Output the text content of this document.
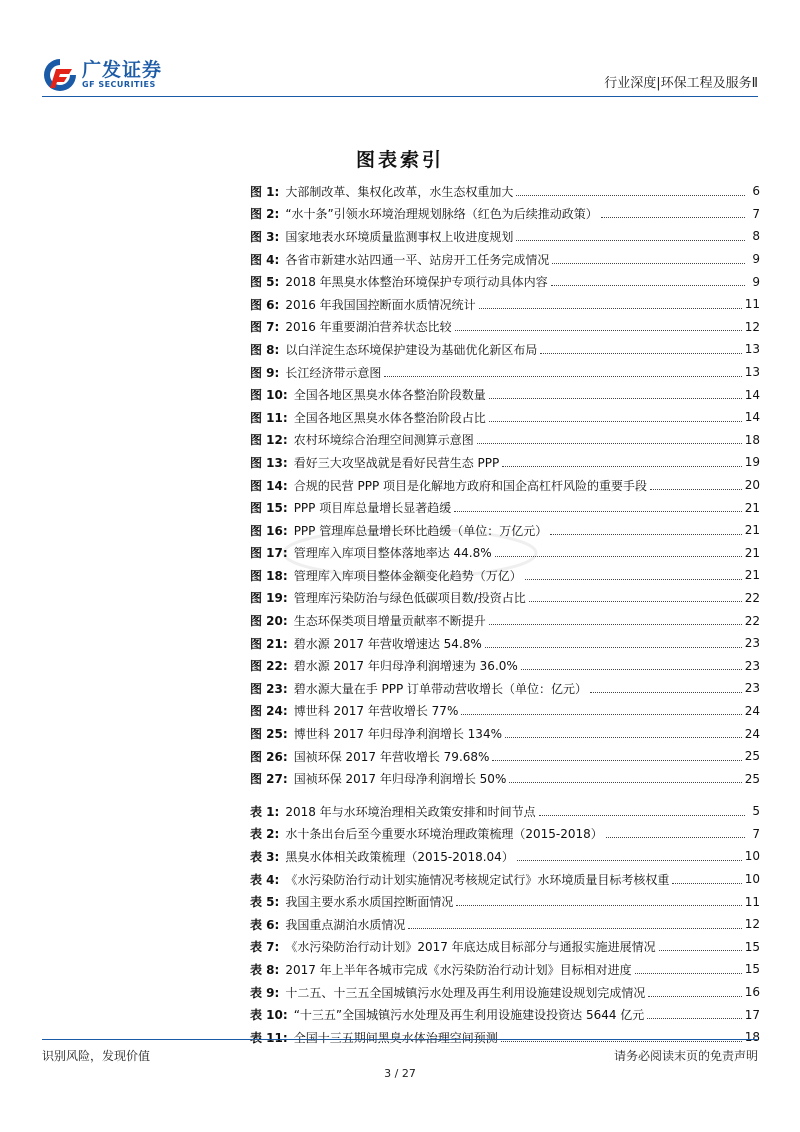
广发证券
GF SECURITIES	行业深度|环保工程及服务Ⅱ
图表索引
图 1: 大部制改革、集权化改革，水生态权重加大	6
图 2: “水十条”引领水环境治理规划脉络（红色为后续推动政策）	7
图 3: 国家地表水环境质量监测事权上收进度规划	8
图 4: 各省市新建水站四通一平、站房开工任务完成情况	9
图 5: 2018 年黑臭水体整治环境保护专项行动具体内容	9
图 6: 2016 年我国国控断面水质情况统计	11
图 7: 2016 年重要湖泊营养状态比较	12
图 8: 以白洋淀生态环境保护建设为基础优化新区布局	13
图 9: 长江经济带示意图	13
图 10: 全国各地区黑臭水体各整治阶段数量	14
图 11: 全国各地区黑臭水体各整治阶段占比	14
图 12: 农村环境综合治理空间测算示意图	18
图 13: 看好三大攻坚战就是看好民营生态 PPP	19
图 14: 合规的民营 PPP 项目是化解地方政府和国企高杠杆风险的重要手段	20
图 15: PPP 项目库总量增长显著趋缓	21
图 16: PPP 管理库总量增长环比趋缓（单位：万亿元）	21
图 17: 管理库入库项目整体落地率达 44.8%	21
图 18: 管理库入库项目整体金额变化趋势（万亿）	21
图 19: 管理库污染防治与绿色低碳项目数/投资占比	22
图 20: 生态环保类项目增量贡献率不断提升	22
图 21: 碧水源 2017 年营收增速达 54.8%	23
图 22: 碧水源 2017 年归母净利润增速为 36.0%	23
图 23: 碧水源大量在手 PPP 订单带动营收增长（单位：亿元）	23
图 24: 博世科 2017 年营收增长 77%	24
图 25: 博世科 2017 年归母净利润增长 134%	24
图 26: 国祯环保 2017 年营收增长 79.68%	25
图 27: 国祯环保 2017 年归母净利润增长 50%	25
表 1: 2018 年与水环境治理相关政策安排和时间节点	5
表 2: 水十条出台后至今重要水环境治理政策梳理（2015-2018）	7
表 3: 黑臭水体相关政策梳理（2015-2018.04）	10
表 4: 《水污染防治行动计划实施情况考核规定试行》水环境质量目标考核权重	10
表 5: 我国主要水系水质国控断面情况	11
表 6: 我国重点湖泊水质情况	12
表 7: 《水污染防治行动计划》2017 年底达成目标部分与通报实施进展情况	15
表 8: 2017 年上半年各城市完成《水污染防治行动计划》目标相对进度	15
表 9: 十二五、十三五全国城镇污水处理及再生利用设施建设规划完成情况	16
表 10: “十三五”全国城镇污水处理及再生利用设施建设投资达 5644 亿元	17
表 11: 全国十三五期间黑臭水体治理空间预测	18
识别风险，发现价值	请务必阅读末页的免责声明
3 / 27
